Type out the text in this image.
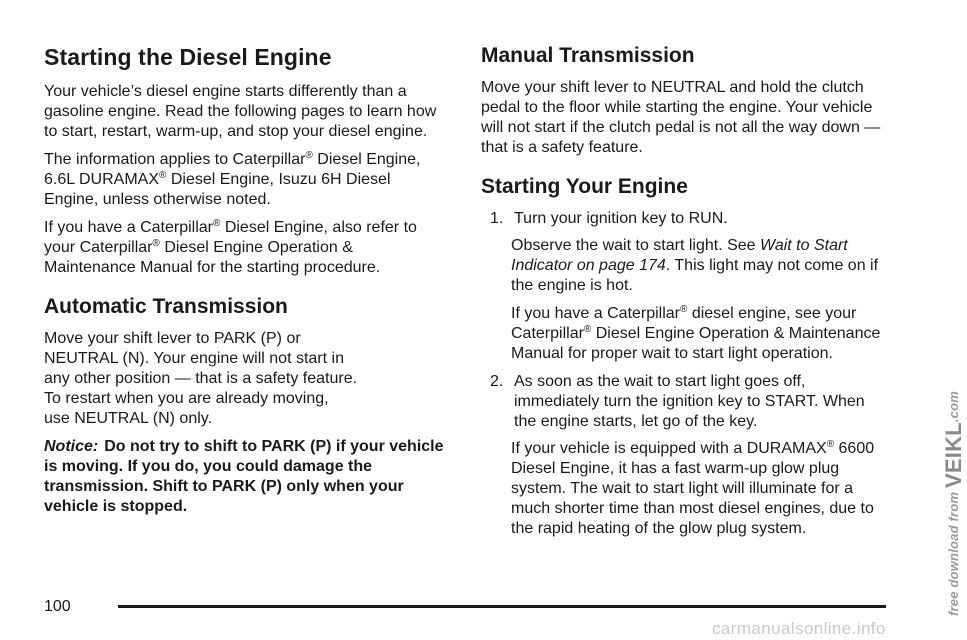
Starting the Diesel Engine

Your vehicle’s diesel engine starts differently than a gasoline engine. Read the following pages to learn how to start, restart, warm-up, and stop your diesel engine.

The information applies to Caterpillar® Diesel Engine, 6.6L DURAMAX® Diesel Engine, Isuzu 6H Diesel Engine, unless otherwise noted.

If you have a Caterpillar® Diesel Engine, also refer to your Caterpillar® Diesel Engine Operation & Maintenance Manual for the starting procedure.

Automatic Transmission

Move your shift lever to PARK (P) or
NEUTRAL (N). Your engine will not start in
any other position — that is a safety feature.
To restart when you are already moving,
use NEUTRAL (N) only.

Notice: Do not try to shift to PARK (P) if your vehicle is moving. If you do, you could damage the transmission. Shift to PARK (P) only when your vehicle is stopped.

Manual Transmission

Move your shift lever to NEUTRAL and hold the clutch pedal to the floor while starting the engine. Your vehicle will not start if the clutch pedal is not all the way down — that is a safety feature.

Starting Your Engine
1. Turn your ignition key to RUN.

Observe the wait to start light. See Wait to Start Indicator on page 174. This light may not come on if the engine is hot.

If you have a Caterpillar® diesel engine, see your Caterpillar® Diesel Engine Operation & Maintenance Manual for proper wait to start light operation.

2. As soon as the wait to start light goes off, immediately turn the ignition key to START. When the engine starts, let go of the key.

If your vehicle is equipped with a DURAMAX® 6600 Diesel Engine, it has a fast warm-up glow plug system. The wait to start light will illuminate for a much shorter time than most diesel engines, due to the rapid heating of the glow plug system.

100	free download from VEIKL.com
carmanualsonline.info
